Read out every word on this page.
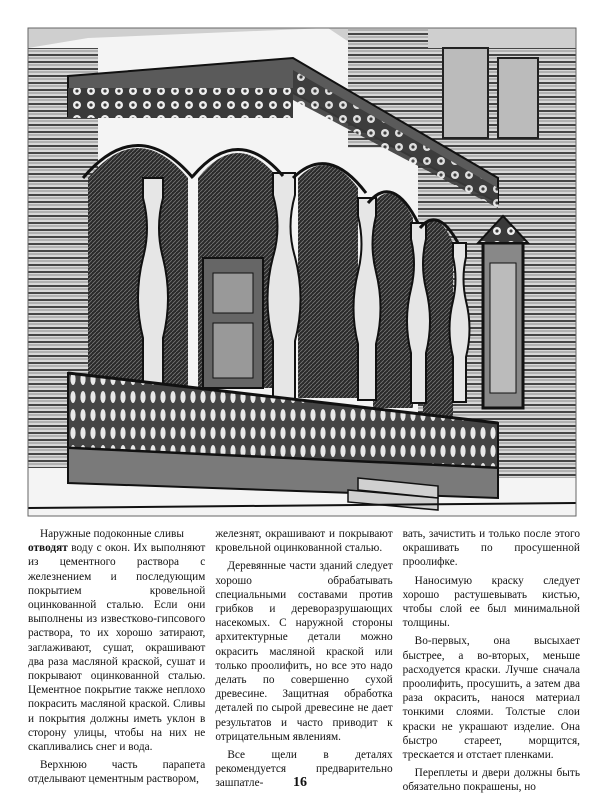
Наружные подоконные сливы
отводят воду с окон. Их выполняют из цементного раствора с железнением и последующим покрытием кровельной оцинкованной сталью. Если они выполнены из известково-гипсового раствора, то их хорошо затирают, заглаживают, сушат, окрашивают два раза масляной краской, сушат и покрывают оцинкованной сталью. Цементное покрытие также неплохо покрасить масляной краской. Сливы и покрытия должны иметь уклон в сторону улицы, чтобы на них не скапливались снег и вода.

Верхнюю часть парапета отделывают цементным раствором,

железнят, окрашивают и покрывают кровельной оцинкованной сталью.

Деревянные части зданий следует хорошо обрабатывать специальными составами против грибков и дереворазрушающих насекомых. С наружной стороны архитектурные детали можно окрасить масляной краской или только проолифить, но все это надо делать по совершенно сухой древесине. Защитная обработка деталей по сырой древесине не дает результатов и часто приводит к отрицательным явлениям.

Все щели в деталях рекомендуется предварительно зашпатле-

вать, зачистить и только после этого окрашивать по просушенной проолифке.

Наносимую краску следует хорошо растушевывать кистью, чтобы слой ее был минимальной толщины.

Во-первых, она высыхает быстрее, а во-вторых, меньше расходуется краски. Лучше сначала проолифить, просушить, а затем два раза окрасить, нанося материал тонкими слоями. Толстые слои краски не украшают изделие. Она быстро стареет, морщится, трескается и отстает пленками.

Переплеты и двери должны быть обязательно покрашены, но

16
